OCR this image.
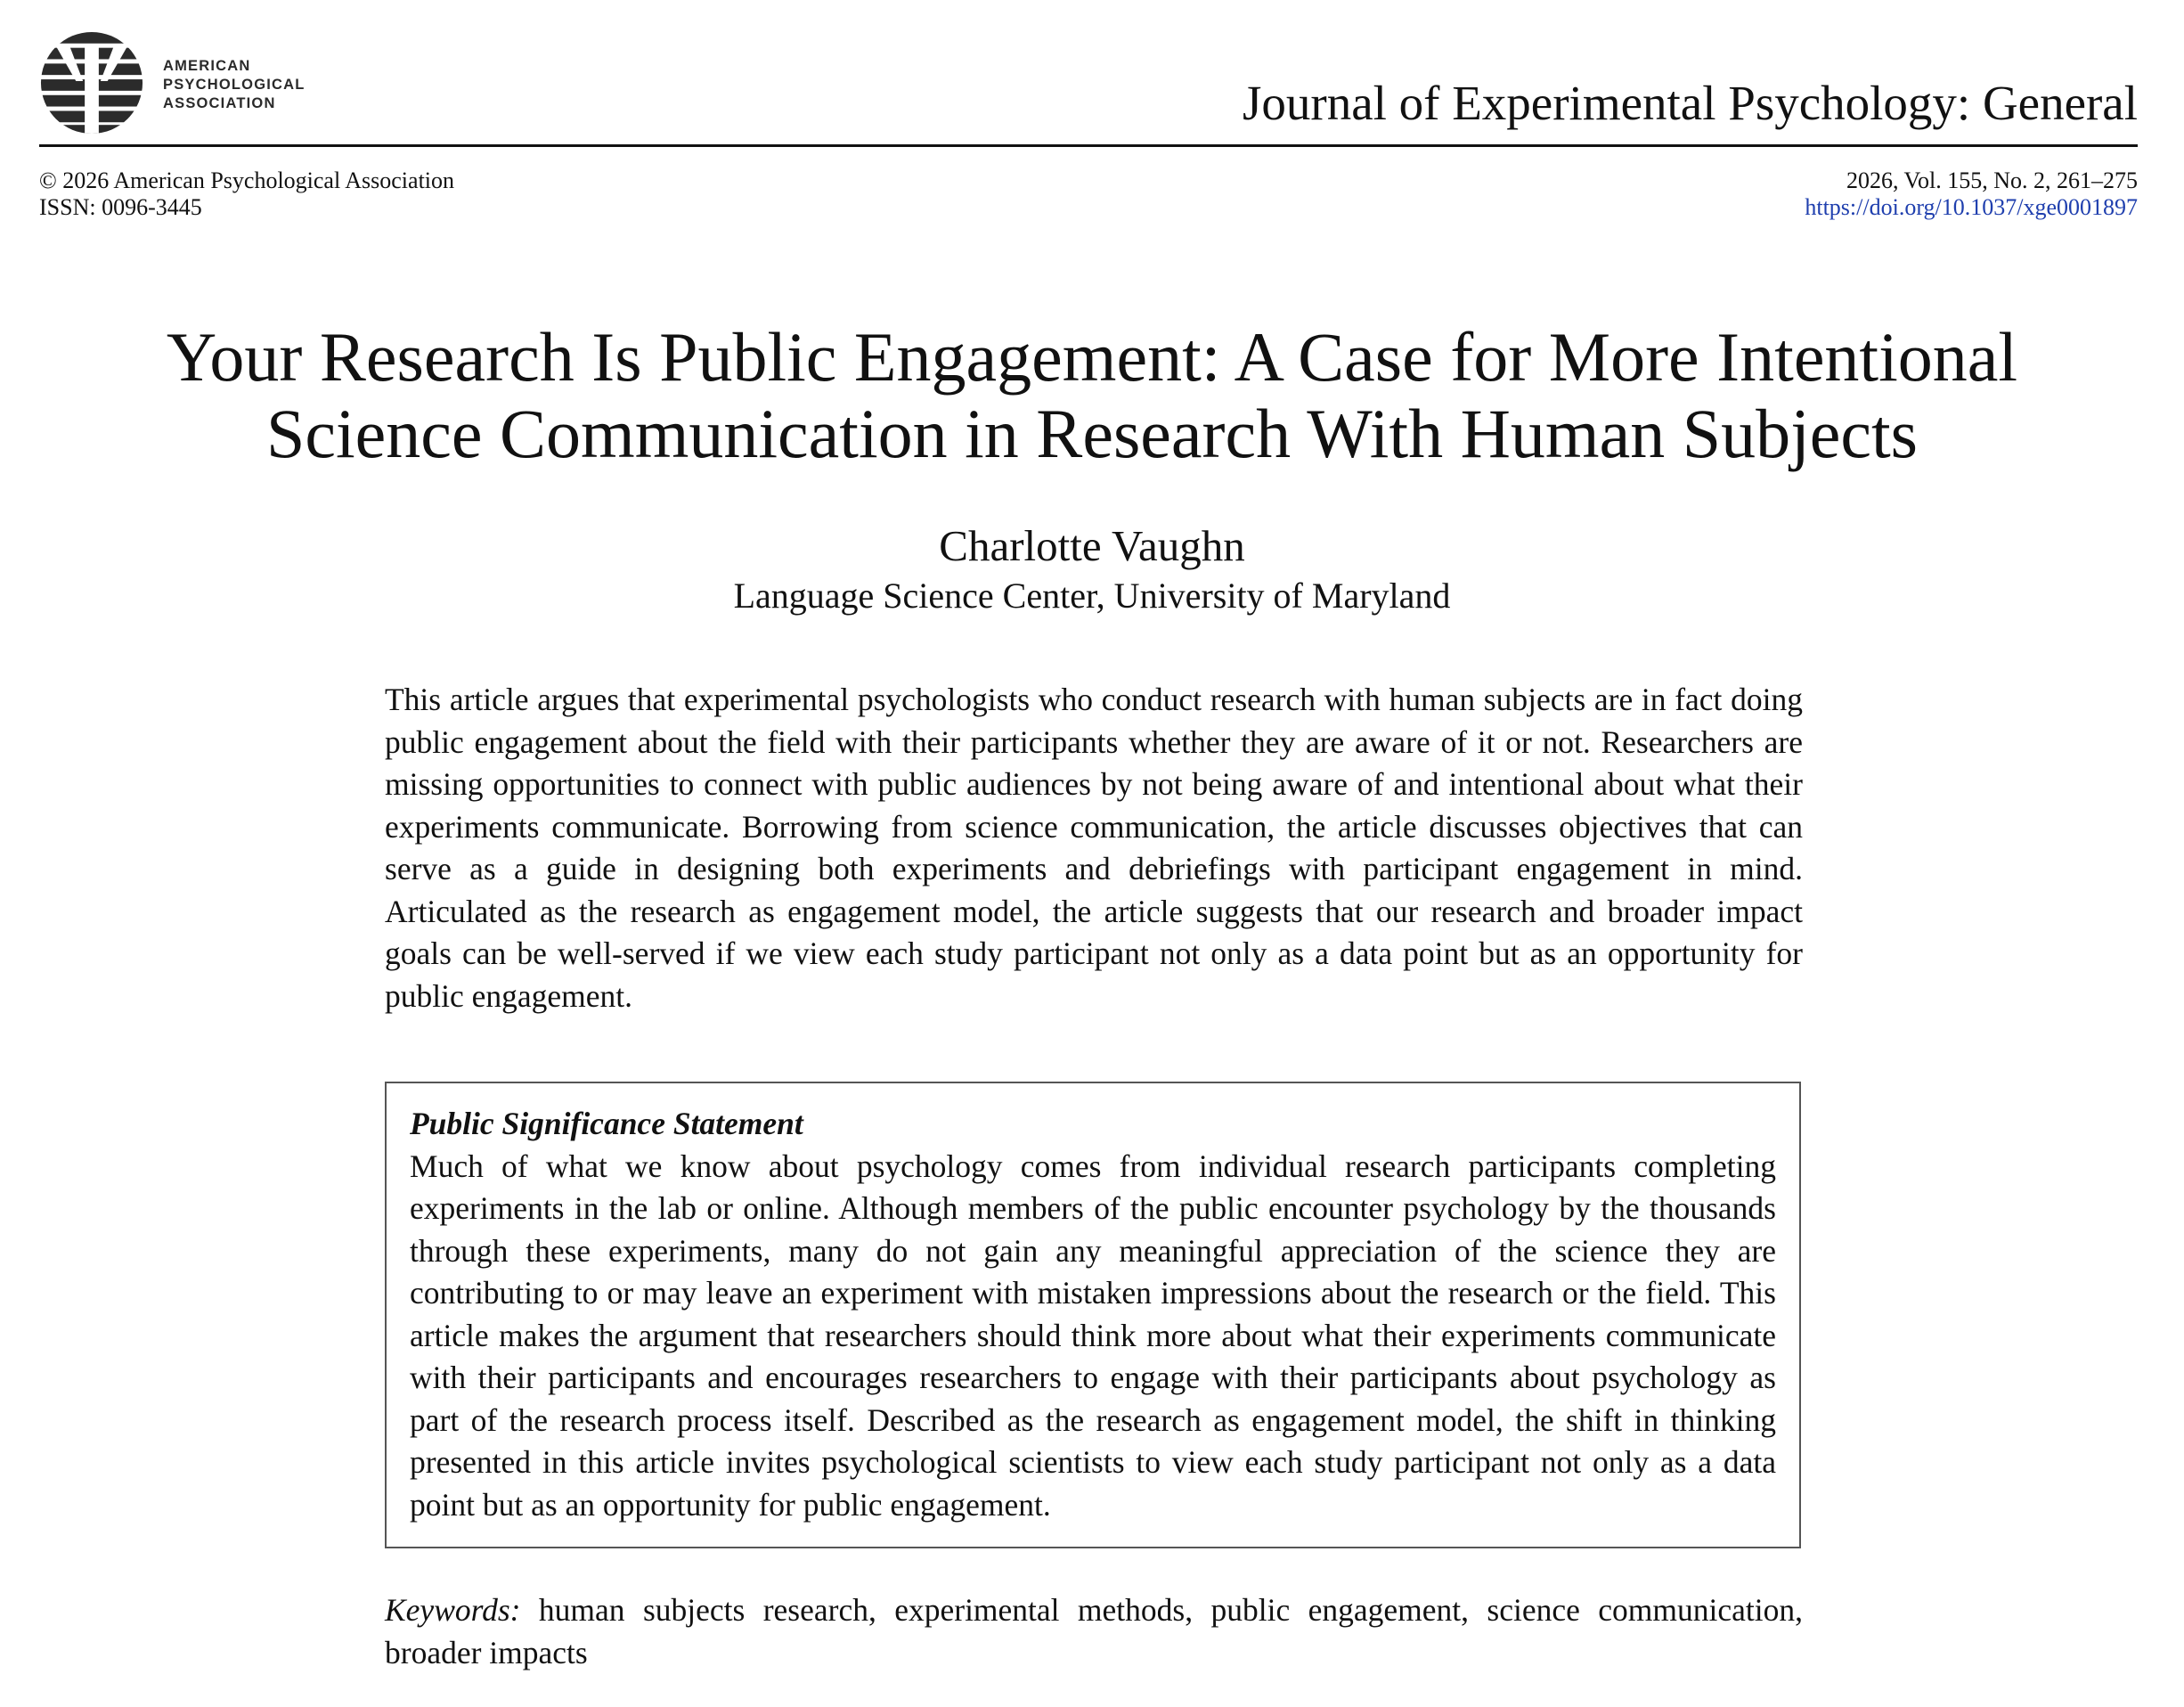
AMERICAN
PSYCHOLOGICAL
ASSOCIATION	Journal of Experimental Psychology: General
© 2026 American Psychological Association
ISSN: 0096-3445
2026, Vol. 155, No. 2, 261–275
https://doi.org/10.1037/xge0001897
Your Research Is Public Engagement: A Case for More Intentional
Science Communication in Research With Human Subjects
Charlotte Vaughn
Language Science Center, University of Maryland
This article argues that experimental psychologists who conduct research with human subjects are in fact doing public engagement about the field with their participants whether they are aware of it or not. Researchers are missing opportunities to connect with public audiences by not being aware of and intentional about what their experiments communicate. Borrowing from science communication, the article discusses objectives that can serve as a guide in designing both experiments and debriefings with participant engagement in mind. Articulated as the research as engagement model, the article suggests that our research and broader impact goals can be well-served if we view each study participant not only as a data point but as an opportunity for public engagement.
Public Significance Statement
Much of what we know about psychology comes from individual research participants completing experiments in the lab or online. Although members of the public encounter psychology by the thousands through these experiments, many do not gain any meaningful appreciation of the science they are contributing to or may leave an experiment with mistaken impressions about the research or the field. This article makes the argument that researchers should think more about what their experiments communicate with their participants and encourages researchers to engage with their participants about psychology as part of the research process itself. Described as the research as engagement model, the shift in thinking presented in this article invites psychological scientists to view each study participant not only as a data point but as an opportunity for public engagement.
Keywords: human subjects research, experimental methods, public engagement, science communication, broader impacts
